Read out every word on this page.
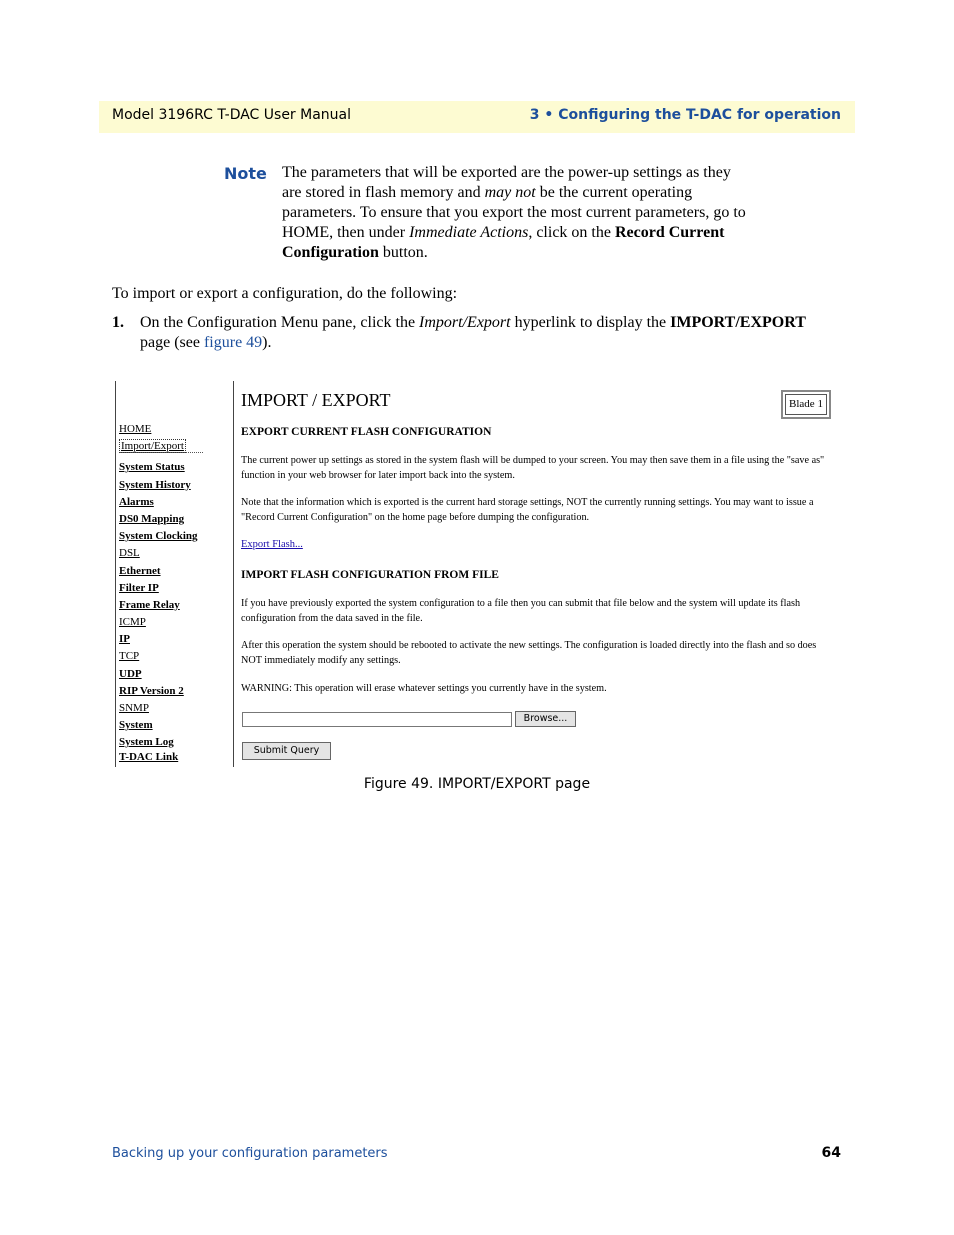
Model 3196RC T-DAC User Manual	3 • Configuring the T-DAC for operation
Note The parameters that will be exported are the power-up settings as they are stored in flash memory and may not be the current operating parameters. To ensure that you export the most current parameters, go to HOME, then under Immediate Actions, click on the Record Current Configuration button.
To import or export a configuration, do the following:
1. On the Configuration Menu pane, click the Import/Export hyperlink to display the IMPORT/EXPORT page (see figure 49).
HOME
Import/Export
System Status
System History
Alarms
DS0 Mapping
System Clocking
DSL
Ethernet
Filter IP
Frame Relay
ICMP
IP
TCP
UDP
RIP Version 2
SNMP
System
System Log
T-DAC Link
IMPORT / EXPORT	Blade 1
EXPORT CURRENT FLASH CONFIGURATION
The current power up settings as stored in the system flash will be dumped to your screen. You may then save them in a file using the "save as" function in your web browser for later import back into the system.
Note that the information which is exported is the current hard storage settings, NOT the currently running settings. You may want to issue a "Record Current Configuration" on the home page before dumping the configuration.
Export Flash...
IMPORT FLASH CONFIGURATION FROM FILE
If you have previously exported the system configuration to a file then you can submit that file below and the system will update its flash configuration from the data saved in the file.
After this operation the system should be rebooted to activate the new settings. The configuration is loaded directly into the flash and so does NOT immediately modify any settings.
WARNING: This operation will erase whatever settings you currently have in the system.
Browse...
Submit Query
Figure 49. IMPORT/EXPORT page
Backing up your configuration parameters	64
